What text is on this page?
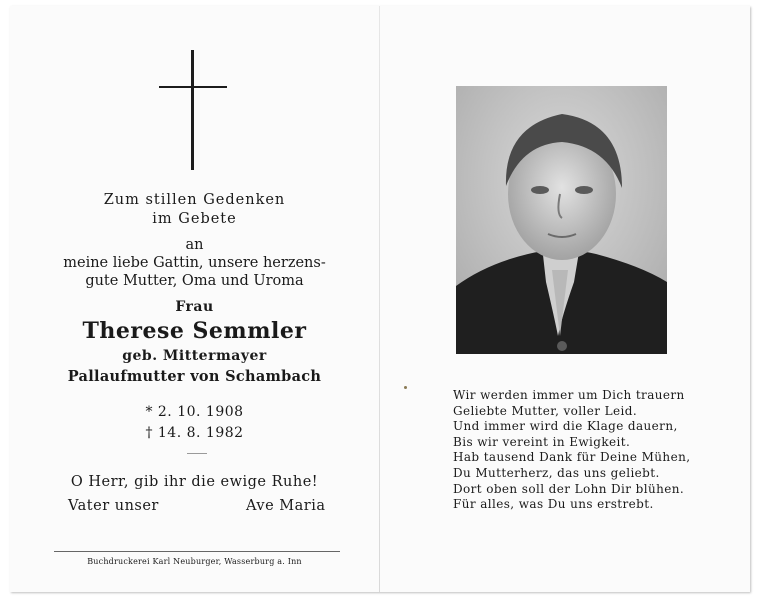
Zum stillen Gedenken
im Gebete
an
meine liebe Gattin, unsere herzens-
gute Mutter, Oma und Uroma
Frau
Therese Semmler
geb. Mittermayer
Pallaufmutter von Schambach
* 2. 10. 1908
† 14. 8. 1982
O Herr, gib ihr die ewige Ruhe!
Vater unser	Ave Maria
Buchdruckerei Karl Neuburger, Wasserburg a. Inn
Wir werden immer um Dich trauern
Geliebte Mutter, voller Leid.
Und immer wird die Klage dauern,
Bis wir vereint in Ewigkeit.
Hab tausend Dank für Deine Mühen,
Du Mutterherz, das uns geliebt.
Dort oben soll der Lohn Dir blühen.
Für alles, was Du uns erstrebt.
